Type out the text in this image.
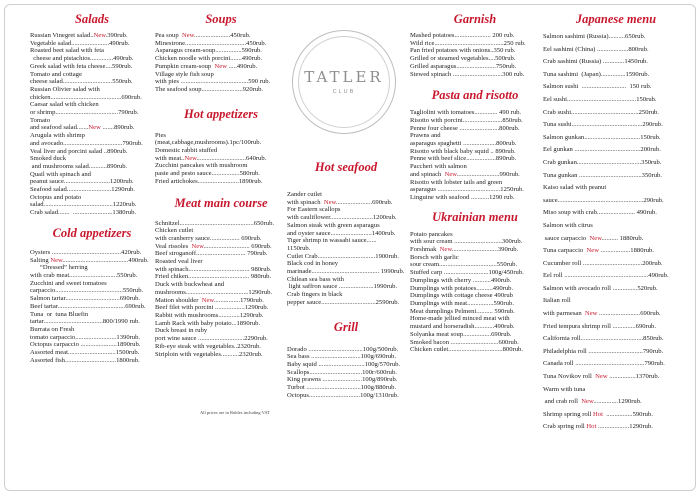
Salads

Russian Vinegret salad..New.390rub.

Vegetable salad.......................490rub.

Roasted beet salad with feta

cheese and pistachios..............490rub.

Greek salad with feta cheese....590rub.

Tomato and cottage

cheese salad..............................550rub.

Russian Olivier salad with

chicken...........................................690rub.

Caesar salad with chicken

or shrimp......................................790rub.

Tomato

and seafood salad.......New .......890rub.

Arugula with shrimp

and avocado....................................790rub.

Veal liver and porcini salad ..890rub.

Smoked duck

and mushrooms salad...........890rub.

Quail with spinach and

peanut sauce............................1200rub.

Seafood salad...........................1290rub.

Octopus and potato

salad..........................................1220rub.

Crab salad.......  ........................1380rub.

Cold appetizers

Oysters ..........................................420rub.

Salting New........................................490rub.

“Dressed” herring

with crab meat.............................550rub.

Zucchini and sweet tomatoes

carpaccio.........................................550rub.

Salmon tartar.................................690rub.

Beef tartar.........................................690rub.

Tuna  or  tuna Bluefin

tartar....................................800/1990 rub.

Burrata on Fresh

tomato carpaccio.........................1390rub.

Octopus carpaccio ......................1890rub.

Assorted meat.............................1500rub.

Assorted fish...............................1800rub.

Soups

Pea soup  New......................450rub.

Minestrone.....................................450rub.

Asparagus cream-soup................590rub.

Chicken noodle with porcini.......490rub.

Pumpkin cream-soup  New .....490rub.

Village style fish soup

with pies .........................................590 rub.

The seafood soup.........................920rub.

Hot appetizers

Pies

(meat,cabbage,mushrooms).1pc/100rub.

Domestic rabbit stuffed

with meat..New..............................640rub.

Zucchini pancakes with mushroom

paste and pesto sauce.................580rub.

Fried artichokes.........................1890rub.

Meat main course

Schnitzel.............................................650rub.

Chicken cutlet

with cranberry sauce.................. 690rub.

Veal rissoles  New............................ 690rub.

Beef stroganoff.............................. 790rub.

Roasted veal liver

with spinach..................................... 980rub.

Fried chiken..................................... 980rub.

Duck with buckwheat and

mushrooms......................................1290rub.

Matton shoulder  New................1790rub.

Beef filet with porcini ..................1290rub.

Rabbit with mushrooms.............1290rub.

Lamb Rack with baby potato...1890rub.

Duck breast in ruby

port wine sauce ............................2290rub.

Rib-eye steak with vegetables..2320rub.

Striploin with vegetables...........2320rub.

TATLER
CLUB
Hot seafood

Zander cutlet

with spinach  New......................690rub.

For Eastern scallops

with cauliflower..........................1200rub.

Salmon steak with green asparagus

and oyster sauce.........................1400rub.

Tiger shrimp in wassabi sauce......

1150rub.

Cutlet Crab...................................1900rub.

Black cod in honey

marinade......................................... 1990rub.

Chilean sea bass with

light saffron sauce .....................1990rub.

Crab fingers in black

pepper sauce.................................2590rub.

Grill

Dorado .................................100g/500rub.

Sea bass ..............................100g/690rub.

Baby squid ............................100g/570rub.

Scallops................................100г/600rub.

King prawns ........................100g/890rub.

Turbot .................................100g/880rub.

Octopus...............................100g/1310rub.

Garnish

Mashed potatoes...................... 200 rub.

Wild rice..........................................250 rub.

Pan fried potatoes with onions..350 rub.

Grilled or steamed vegetables....500rub.

Grilled asparagus........................750rub.

Stewed spinach ..............................300 rub.

Pasta and risotto

Tagliolini with tomatoes.............. 490 rub.

Risotto with porcini........................850rub.

Penne four cheese ........................800rub.

Prawns and

asparagus spaghetti ....................800rub.

Risotto with black baby squid .. 890rub.

Penne with beef slice..................890rub.

Paccheri with salmon

and spinach  New..........................990rub.

Risotto with lobster tails and green

asparagus ......................................1250rub.

Linguine with seafood ...........1290 rub.

Ukrainian menu

Potato pancakes

with sour cream .............................300rub.

Forshmak  New............................390rub.

Borsch with garlic

sour cream...................................550rub.

Stuffed carp ...........................100g/450rub.

Dumplings with cherry ...........490rub.

Dumplings with potatoes..........490rub.

Dumplings with cottage cheese 490rub

Dumplings with meat................590rub.

Meat dumplings Pelmeni.......... 590rub.

Home-made jellied minced meat with

mustard and horseradish............490rub.

Solyanka meat soup.................690rub.

Smoked bacon .............................600rub.

Chicken cutlet.................................800rub.

Japanese menu

Salmon sashimi (Russia)..........650rub.

Eel sashimi (China) ...................800rub.

Crab sashimi (Russia) .............1450rub.

Tuna sashimi  (Japan)...............1590rub.

Salmon sushi  ...........................  150 rub.

Eel sushi..........................................150rub.

Crab sushi.........................................250rub.

Tuna sushi...........................................290rub.

Salmon gunkan..................................150rub.

Eel gunkan ........................................200rub.

Crab gunkan.......................................350rub.

Tuna gunkan ......................................350rub.

Kaiso salad with peanut

sauce....................................................290rub.

Miso soup with crab....................... 490rub.

Salmon with citrus

sauce carpaccio  New.......... 1880rub.

Tuna carpaccio  New ..................1880rub.

Cucumber roll ....................................200rub.

Eel roll ...................................................490rub.

Salmon with avocado roll ...............520rub.

Italian roll

with parmesan  New .........................690rub.

Fried tempura shrimp roll ..............690rub.

California roll......................................850rub.

Philadelphia roll .................................790rub.

Canada roll ..........................................790rub.

Tuna Novikov roll  New ................1370rub.

Warm with tuna

and crab roll  New...............1290rub.

Shrimp spring roll Hot  ................590rub.

Crab spring roll Hot ...................1290rub.

All prices are in Rubles including VAT
